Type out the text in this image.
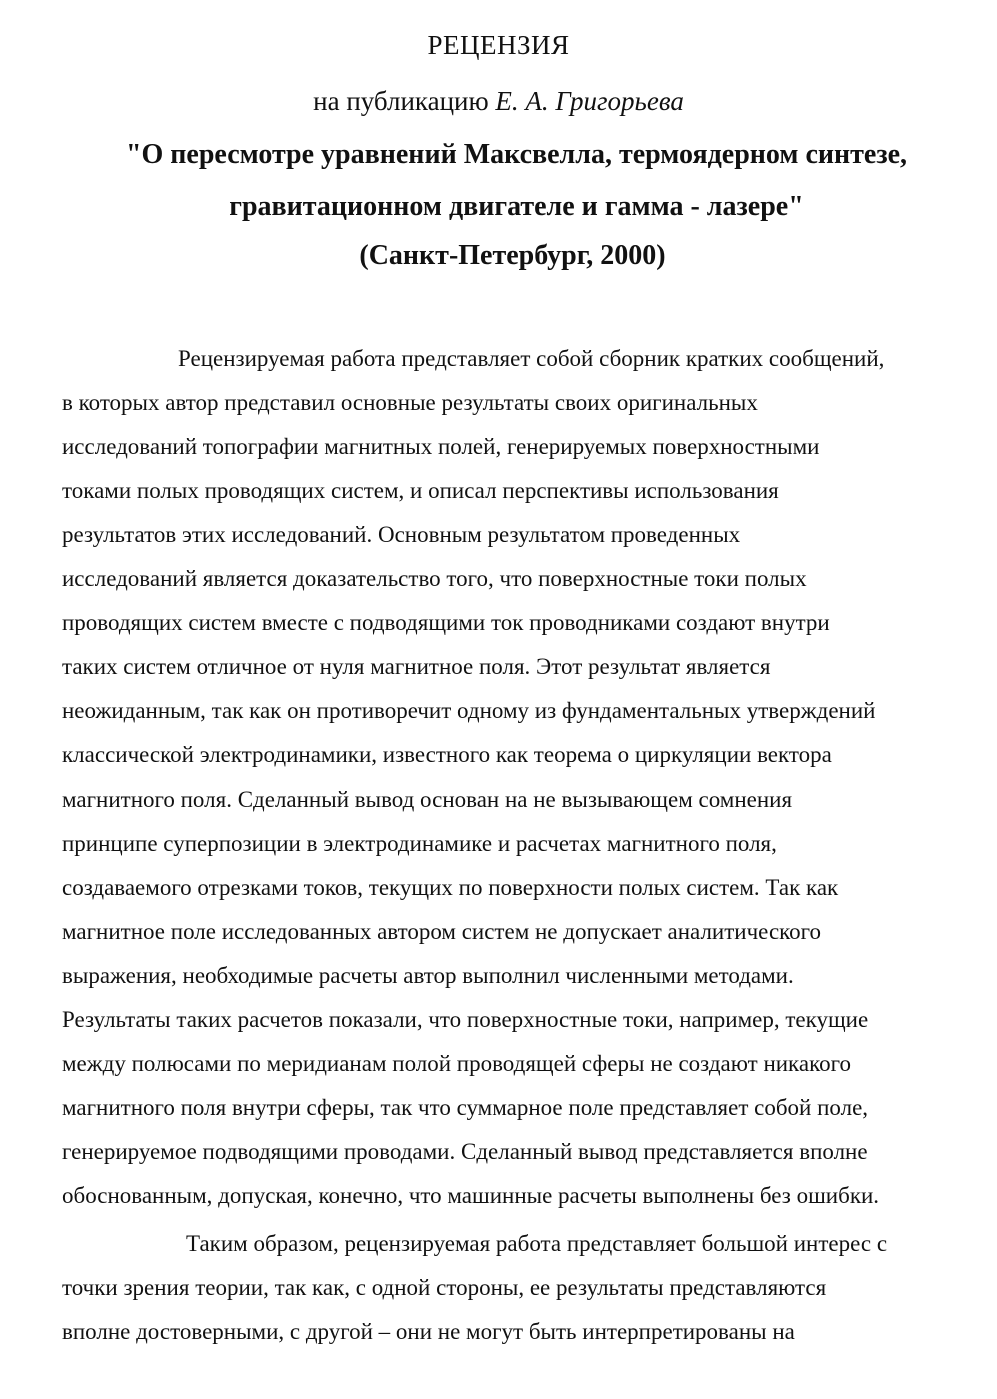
РЕЦЕНЗИЯ
на публикацию Е. А. Григорьева
"О пересмотре уравнений Максвелла, термоядерном синтезе,
гравитационном двигателе и гамма - лазере"
(Санкт-Петербург, 2000)
Рецензируемая работа представляет собой сборник кратких сообщений,
в которых автор представил основные результаты своих оригинальных
исследований топографии магнитных полей, генерируемых поверхностными
токами полых проводящих систем, и описал перспективы использования
результатов этих исследований. Основным результатом проведенных
исследований является доказательство того, что поверхностные токи полых
проводящих систем вместе с подводящими ток проводниками создают внутри
таких систем отличное от нуля магнитное поля. Этот результат является
неожиданным, так как он противоречит одному из фундаментальных утверждений
классической электродинамики, известного как теорема о циркуляции вектора
магнитного поля. Сделанный вывод основан на не вызывающем сомнения
принципе суперпозиции в электродинамике и расчетах магнитного поля,
создаваемого отрезками токов, текущих по поверхности полых систем. Так как
магнитное поле исследованных автором систем не допускает аналитического
выражения, необходимые расчеты автор выполнил численными методами.
Результаты таких расчетов показали, что поверхностные токи, например, текущие
между полюсами по меридианам полой проводящей сферы не создают никакого
магнитного поля внутри сферы, так что суммарное поле представляет собой поле,
генерируемое подводящими проводами. Сделанный вывод представляется вполне
обоснованным, допуская, конечно, что машинные расчеты выполнены без ошибки.
Таким образом, рецензируемая работа представляет большой интерес с
точки зрения теории, так как, с одной стороны, ее результаты представляются
вполне достоверными, с другой – они не могут быть интерпретированы на
